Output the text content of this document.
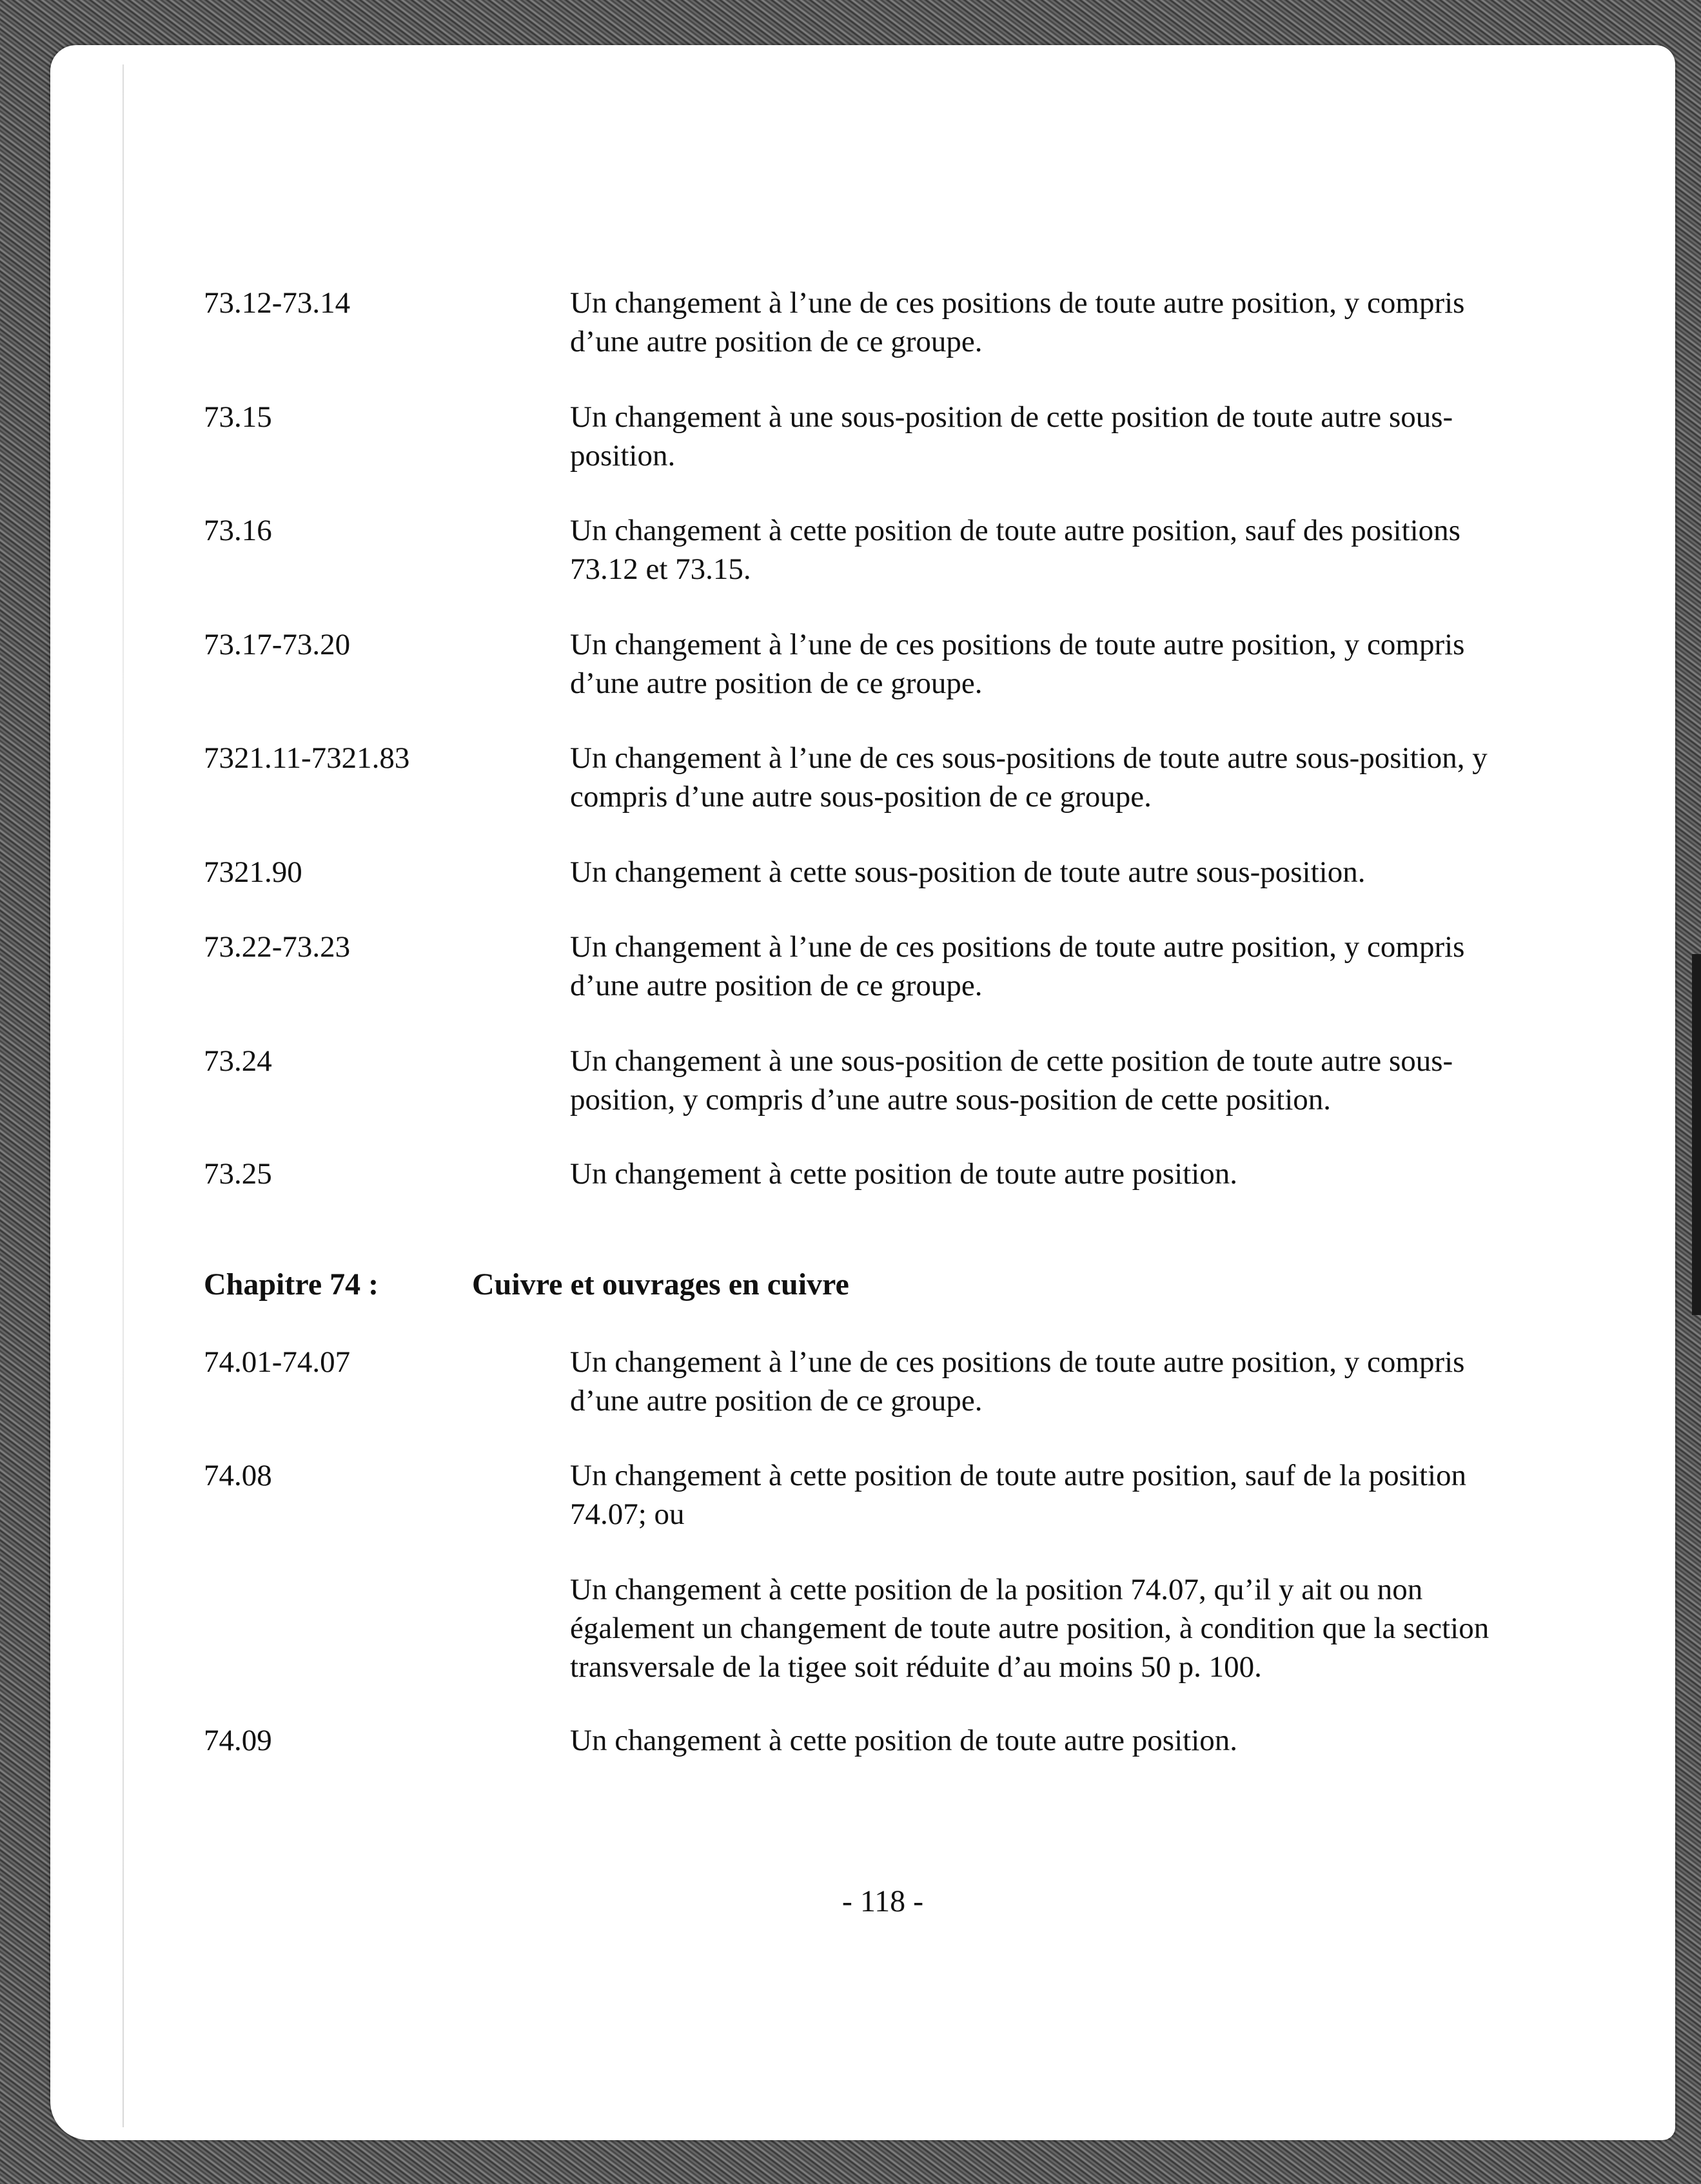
73.12-73.14	Un changement à l’une de ces positions de toute autre position, y compris
d’une autre position de ce groupe.
73.15	Un changement à une sous-position de cette position de toute autre sous-
position.
73.16	Un changement à cette position de toute autre position, sauf des positions
73.12 et 73.15.
73.17-73.20	Un changement à l’une de ces positions de toute autre position, y compris
d’une autre position de ce groupe.
7321.11-7321.83	Un changement à l’une de ces sous-positions de toute autre sous-position, y
compris d’une autre sous-position de ce groupe.
7321.90	Un changement à cette sous-position de toute autre sous-position.
73.22-73.23	Un changement à l’une de ces positions de toute autre position, y compris
d’une autre position de ce groupe.
73.24	Un changement à une sous-position de cette position de toute autre sous-
position, y compris d’une autre sous-position de cette position.
73.25	Un changement à cette position de toute autre position.
Chapitre 74 :	Cuivre et ouvrages en cuivre
74.01-74.07	Un changement à l’une de ces positions de toute autre position, y compris
d’une autre position de ce groupe.
74.08	Un changement à cette position de toute autre position, sauf de la position
74.07; ou
Un changement à cette position de la position 74.07, qu’il y ait ou non
également un changement de toute autre position, à condition que la section
transversale de la tigee soit réduite d’au moins 50 p. 100.
74.09	Un changement à cette position de toute autre position.
- 118 -
